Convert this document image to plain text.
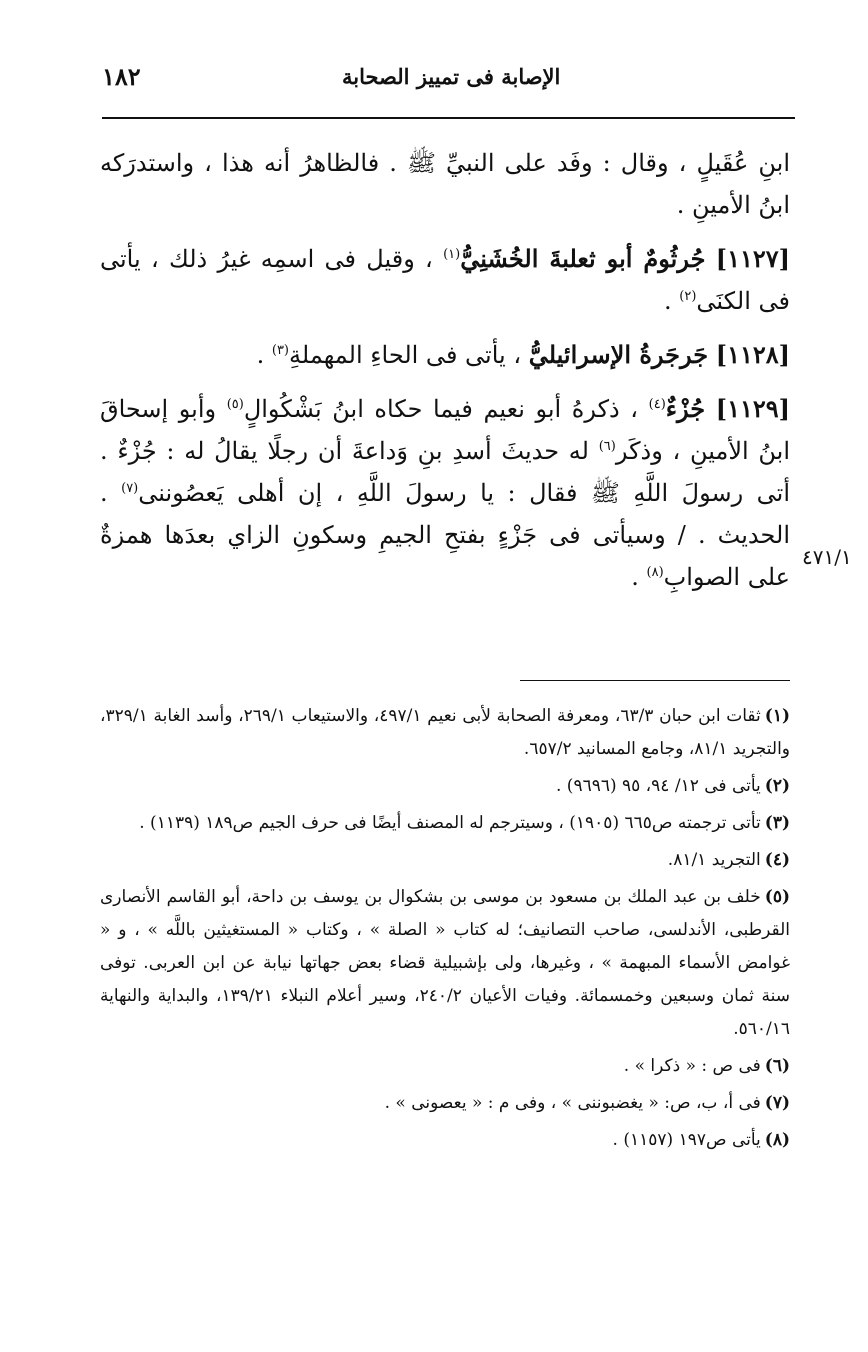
١٨٢	الإصابة فى تمييز الصحابة
٤٧١/١

ابنِ عُقَيلٍ ، وقال : وفَد على النبيِّ ﷺ . فالظاهرُ أنه هذا ، واستدرَكه ابنُ الأمينِ .

[١١٢٧] جُرثُومٌ أبو ثعلبةَ الخُشَنِيُّ$^{(١)}$ ، وقيل فى اسمِه غيرُ ذلك ، يأتى فى الكنَى$^{(٢)}$ .

[١١٢٨] جَرجَرةُ الإسرائيليُّ ، يأتى فى الحاءِ المهملةِ$^{(٣)}$ .

[١١٢٩] جُزْءٌ$^{(٤)}$ ، ذكرهُ أبو نعيم فيما حكاه ابنُ بَشْكُوالٍ$^{(٥)}$ وأبو إسحاقَ ابنُ الأمينِ ، وذكَر$^{(٦)}$ له حديثَ أسدِ بنِ وَداعةَ أن رجلًا يقالُ له : جُزْءٌ . أتى رسولَ اللَّهِ ﷺ فقال : يا رسولَ اللَّهِ ، إن أهلى يَعصُوننى$^{(٧)}$ . الحديث . / وسيأتى فى جَزْءٍ بفتحِ الجيمِ وسكونِ الزاي بعدَها همزةٌ على الصوابِ$^{(٨)}$ .

(١)ثقات ابن حبان ٦٣/٣، ومعرفة الصحابة لأبى نعيم ٤٩٧/١، والاستيعاب ٢٦٩/١، وأسد الغابة ٣٢٩/١، والتجريد ٨١/١، وجامع المسانيد ٦٥٧/٢.

(٢)يأتى فى ١٢/ ٩٤، ٩٥ (٩٦٩٦) .

(٣)تأتى ترجمته ص٦٦٥ (١٩٠٥) ، وسيترجم له المصنف أيضًا فى حرف الجيم ص١٨٩ (١١٣٩) .

(٤)التجريد ٨١/١.

(٥)خلف بن عبد الملك بن مسعود بن موسى بن بشكوال بن يوسف بن داحة، أبو القاسم الأنصارى القرطبى، الأندلسى، صاحب التصانيف؛ له كتاب « الصلة » ، وكتاب « المستغيثين باللَّه » ، و « غوامض الأسماء المبهمة » ، وغيرها، ولى بإشبيلية قضاء بعض جهاتها نيابة عن ابن العربى. توفى سنة ثمان وسبعين وخمسمائة. وفيات الأعيان ٢٤٠/٢، وسير أعلام النبلاء ١٣٩/٢١، والبداية والنهاية ٥٦٠/١٦.

(٦)فى ص : « ذكرا » .

(٧)فى أ، ب، ص: « يغضبوننى » ، وفى م : « يعصونى » .

(٨)يأتى ص١٩٧ (١١٥٧) .
